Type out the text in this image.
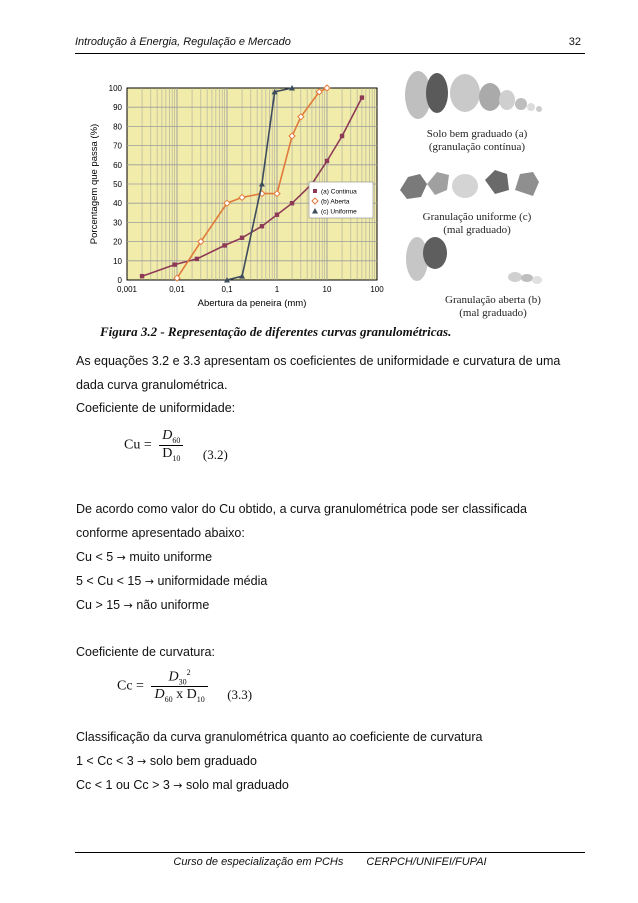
Introdução à Energia, Regulação e Mercado	32
0
10
20
30
40
50
60
70
80
90
100
0,001	0,01	0,1	1	10	100
Abertura da peneira (mm)
Porcentagem que passa (%)	(a) Continua
(b) Aberta
(c) Uniforme
Solo bem graduado (a)
(granulação contínua)
Granulação uniforme (c)
(mal graduado)
Granulação aberta (b)
(mal graduado)
Figura 3.2 - Representação de diferentes curvas granulométricas.
As equações 3.2 e 3.3 apresentam os coeficientes de uniformidade e curvatura de uma
dada curva granulométrica.
Coeficiente de uniformidade:
$Cu = \frac{D_{60}}{D_{10}} (3.2)$
De acordo como valor do Cu obtido, a curva granulométrica pode ser classificada
conforme apresentado abaixo:
Cu < 5 → muito uniforme
5 < Cu < 15 → uniformidade média
Cu > 15 → não uniforme
Coeficiente de curvatura:
$Cc = \frac{D_{30}^2}{D_{60} x D_{10}} (3.3)$
Classificação da curva granulométrica quanto ao coeficiente de curvatura
1 < Cc < 3 → solo bem graduado
Cc < 1 ou Cc > 3 → solo mal graduado
Curso de especialização em PCHs CERPCH/UNIFEI/FUPAI
